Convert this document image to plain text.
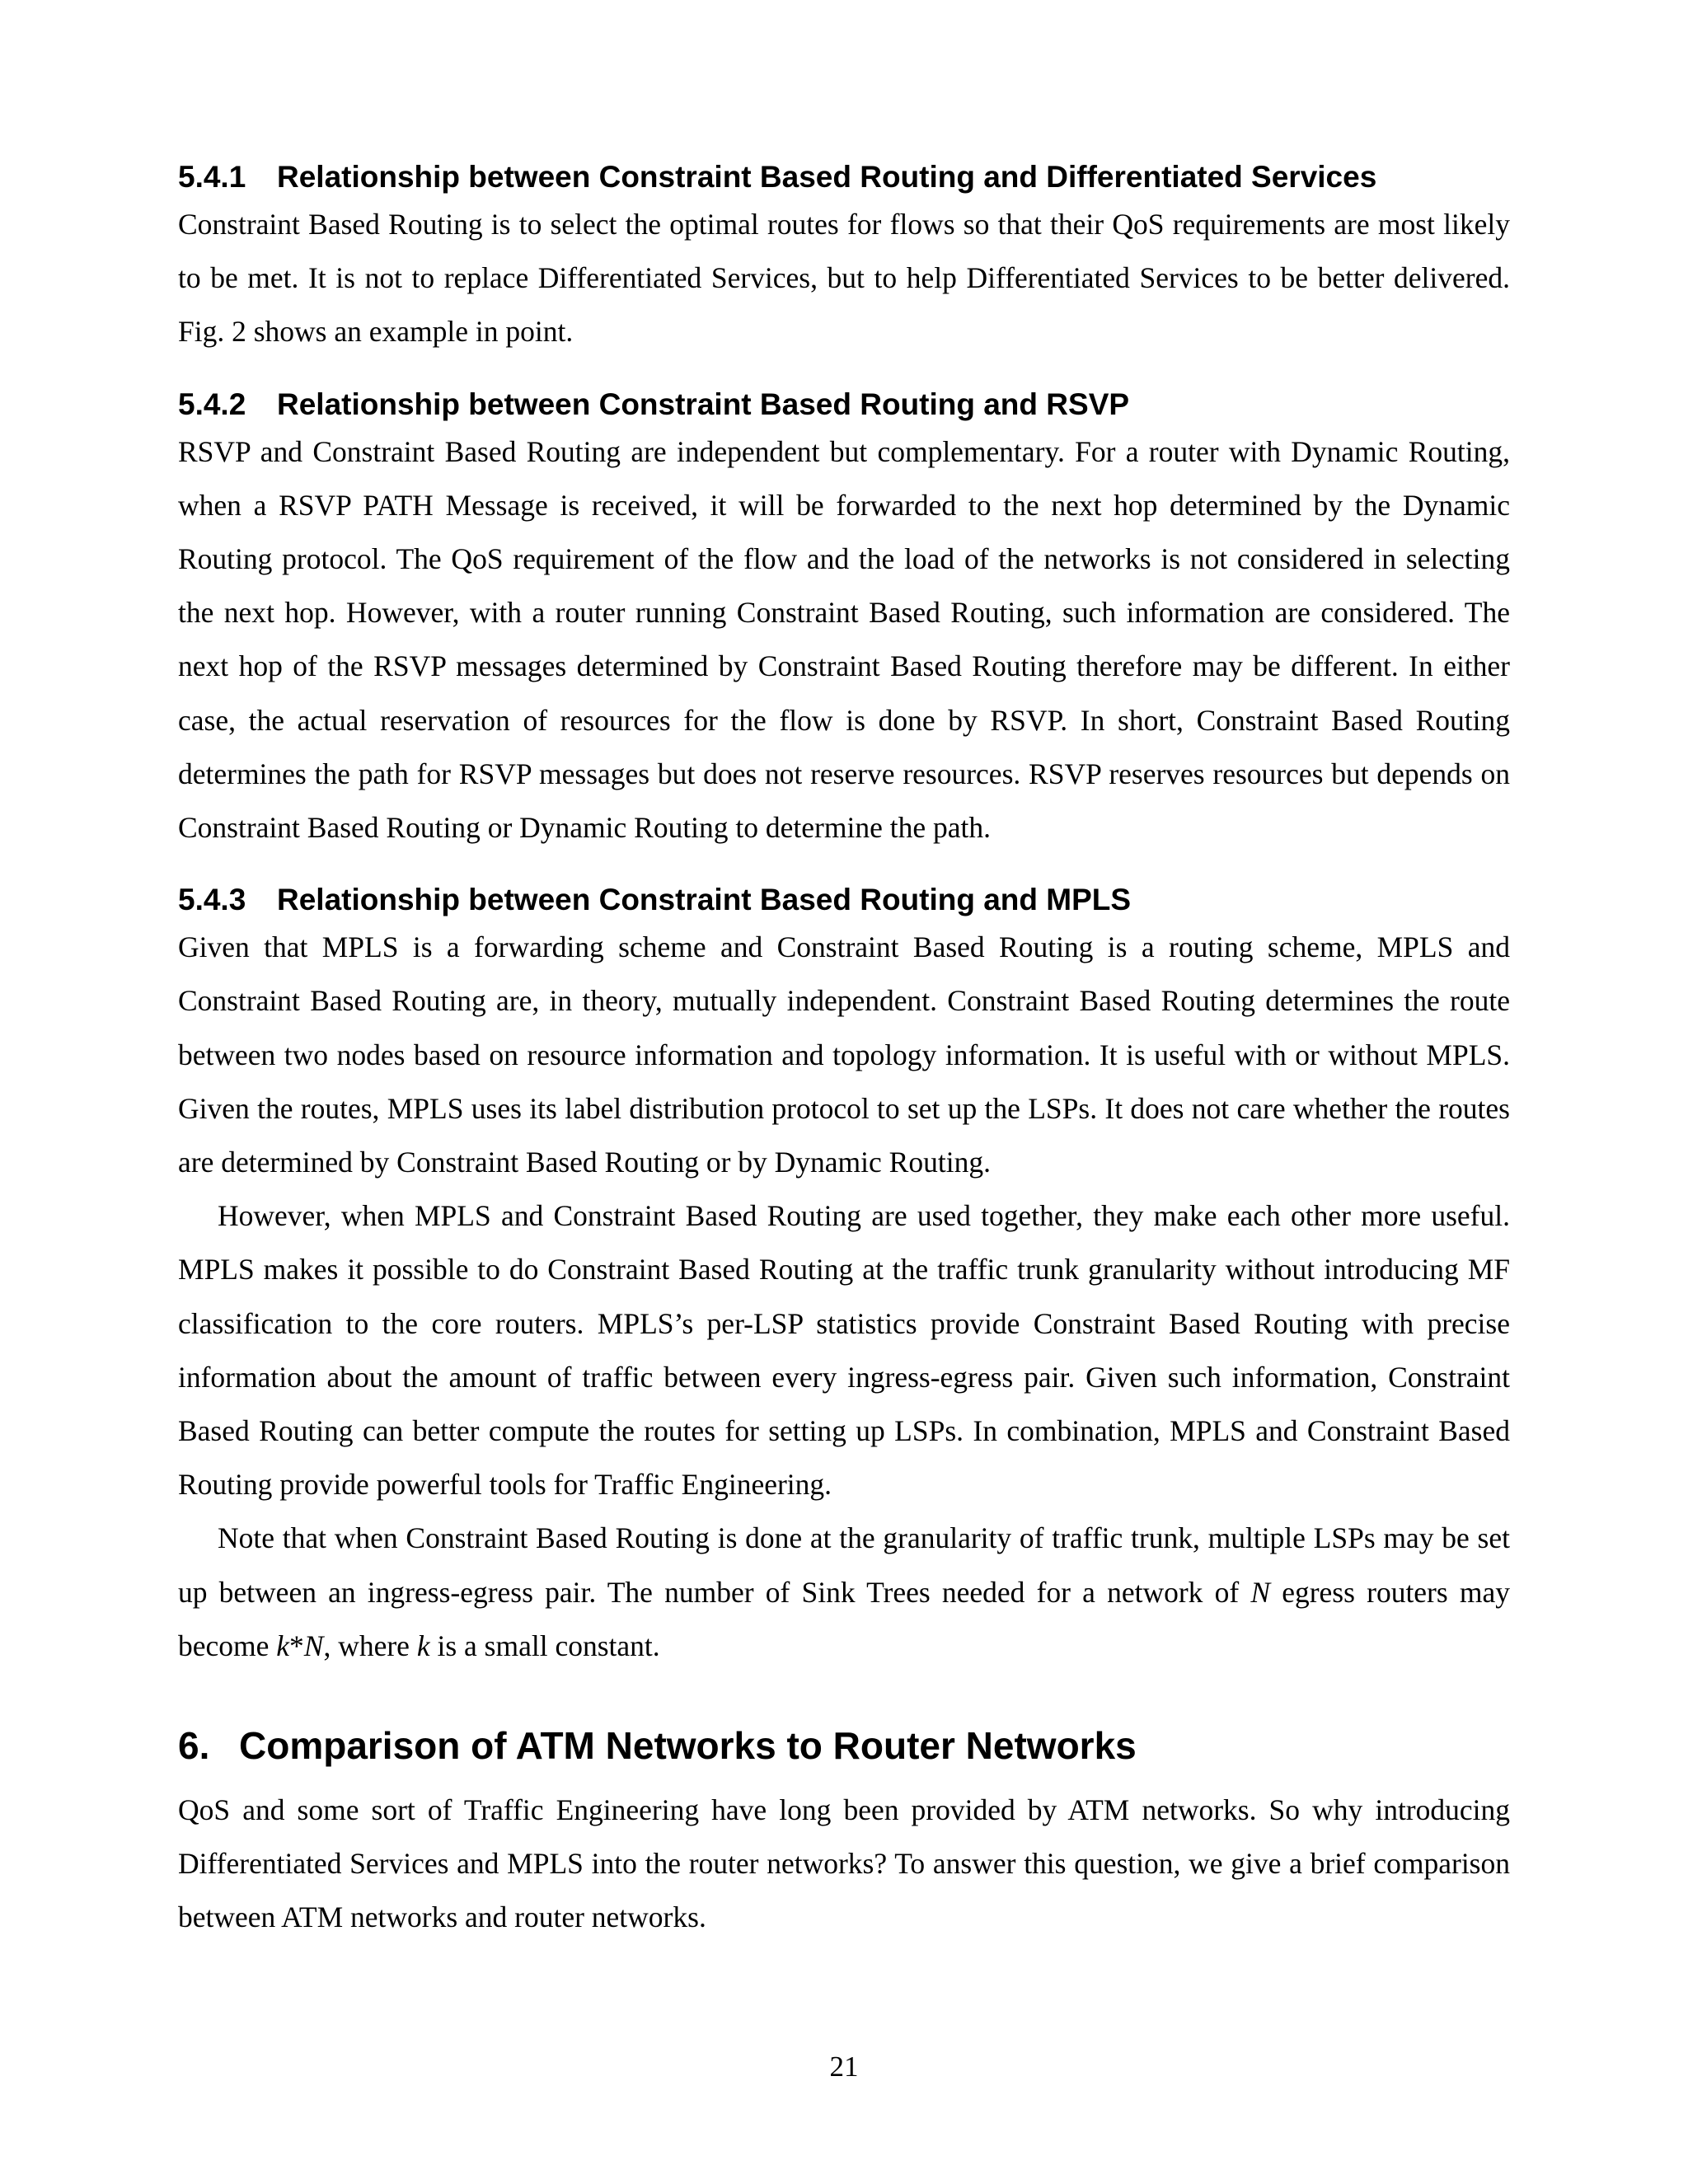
5.4.1 Relationship between Constraint Based Routing and Differentiated Services

Constraint Based Routing is to select the optimal routes for flows so that their QoS requirements are most likely to be met. It is not to replace Differentiated Services, but to help Differentiated Services to be better delivered. Fig. 2 shows an example in point.

5.4.2 Relationship between Constraint Based Routing and RSVP

RSVP and Constraint Based Routing are independent but complementary. For a router with Dynamic Routing, when a RSVP PATH Message is received, it will be forwarded to the next hop determined by the Dynamic Routing protocol. The QoS requirement of the flow and the load of the networks is not considered in selecting the next hop. However, with a router running Constraint Based Routing, such information are considered. The next hop of the RSVP messages determined by Constraint Based Routing therefore may be different. In either case, the actual reservation of resources for the flow is done by RSVP. In short, Constraint Based Routing determines the path for RSVP messages but does not reserve resources. RSVP reserves resources but depends on Constraint Based Routing or Dynamic Routing to determine the path.

5.4.3 Relationship between Constraint Based Routing and MPLS

Given that MPLS is a forwarding scheme and Constraint Based Routing is a routing scheme, MPLS and Constraint Based Routing are, in theory, mutually independent. Constraint Based Routing determines the route between two nodes based on resource information and topology information. It is useful with or without MPLS. Given the routes, MPLS uses its label distribution protocol to set up the LSPs. It does not care whether the routes are determined by Constraint Based Routing or by Dynamic Routing.

However, when MPLS and Constraint Based Routing are used together, they make each other more useful. MPLS makes it possible to do Constraint Based Routing at the traffic trunk granularity without introducing MF classification to the core routers. MPLS’s per-LSP statistics provide Constraint Based Routing with precise information about the amount of traffic between every ingress-egress pair. Given such information, Constraint Based Routing can better compute the routes for setting up LSPs. In combination, MPLS and Constraint Based Routing provide powerful tools for Traffic Engineering.

Note that when Constraint Based Routing is done at the granularity of traffic trunk, multiple LSPs may be set up between an ingress-egress pair. The number of Sink Trees needed for a network of N egress routers may become k*N, where k is a small constant.

6. Comparison of ATM Networks to Router Networks

QoS and some sort of Traffic Engineering have long been provided by ATM networks. So why introducing Differentiated Services and MPLS into the router networks? To answer this question, we give a brief comparison between ATM networks and router networks.

21
